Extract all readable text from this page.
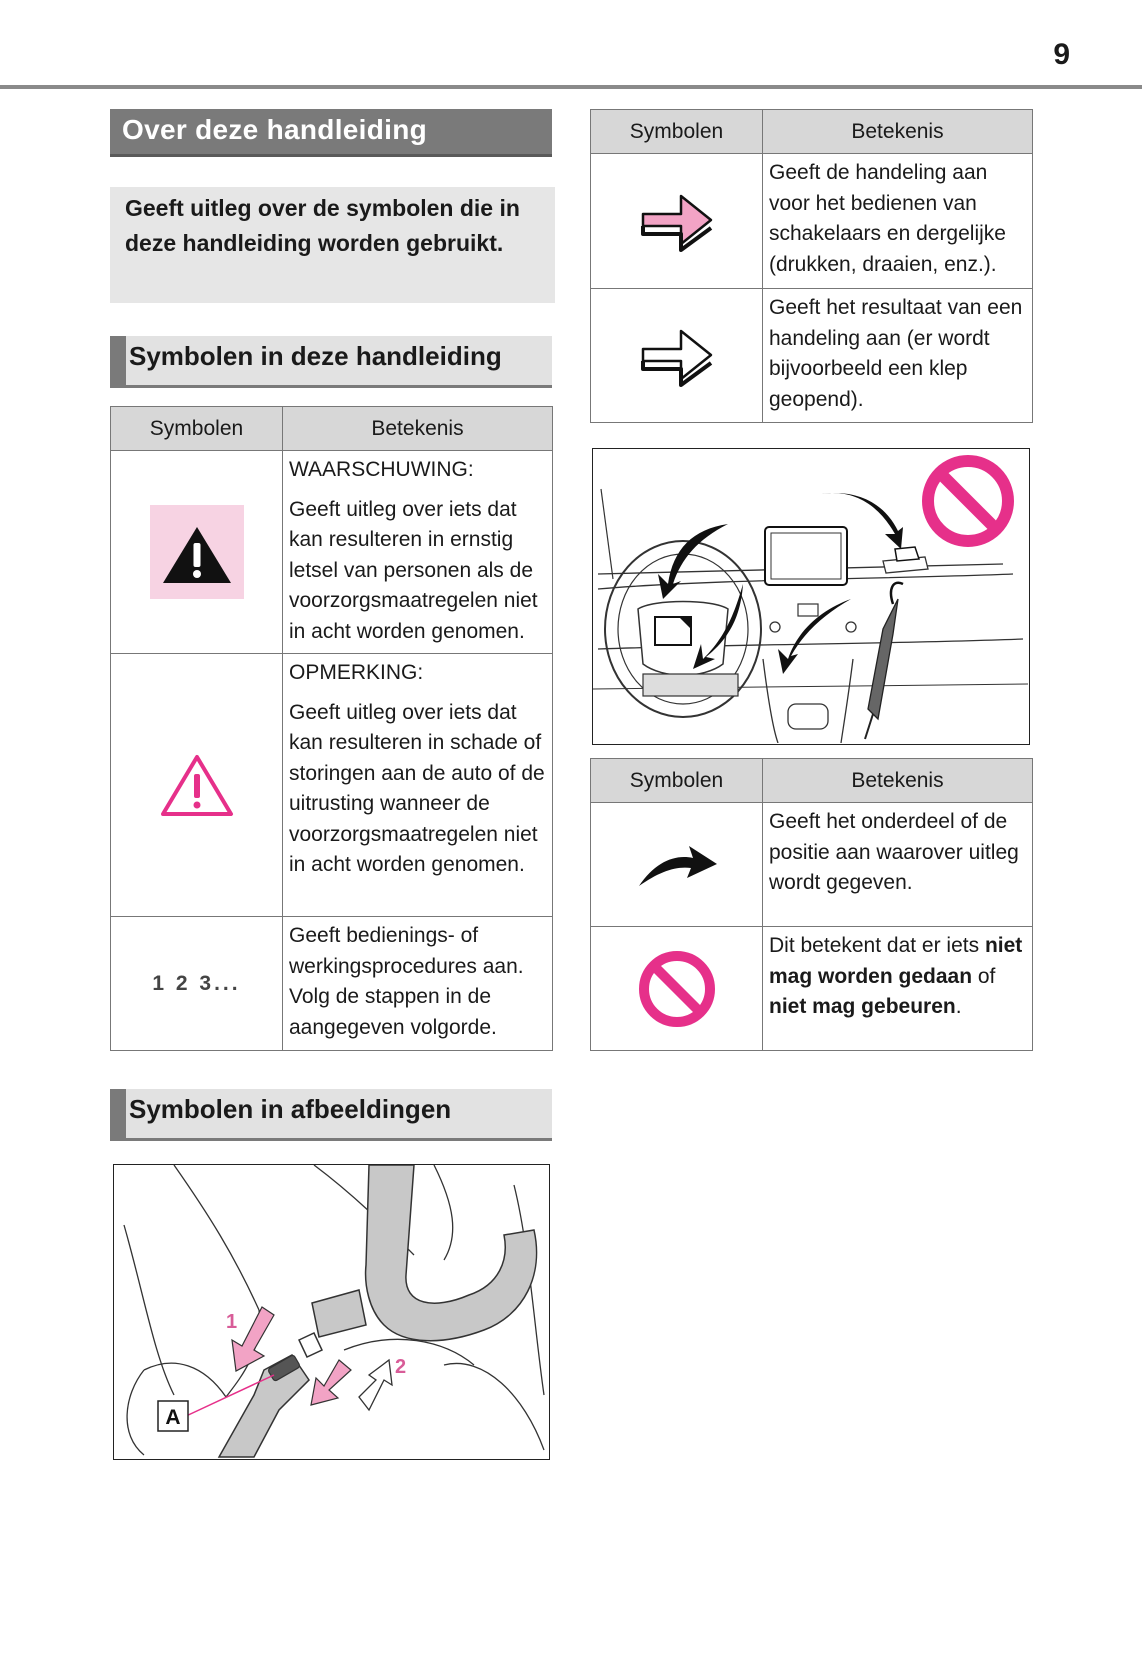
9
Over deze handleiding
Geeft uitleg over de symbolen die in deze handleiding worden gebruikt.
Symbolen in deze handleiding
Symbolen	Betekenis

WAARSCHUWING:
Geeft uitleg over iets dat kan resulteren in ernstig letsel van personen als de voorzorgsmaatregelen niet in acht worden genomen.

OPMERKING:
Geeft uitleg over iets dat kan resulteren in schade of storingen aan de auto of de uitrusting wanneer de voorzorgsmaatregelen niet in acht worden genomen.

1 2 3...	Geeft bedienings- of werkingsprocedures aan. Volg de stappen in de aangegeven volgorde.
Symbolen in afbeeldingen
A
1
2
Symbolen	Betekenis

Geeft de handeling aan voor het bedienen van schakelaars en dergelijke (drukken, draaien, enz.).

Geeft het resultaat van een handeling aan (er wordt bijvoorbeeld een klep geopend).
Symbolen	Betekenis

Geeft het onderdeel of de positie aan waarover uitleg wordt gegeven.

Dit betekent dat er iets niet mag worden gedaan of niet mag gebeuren.
